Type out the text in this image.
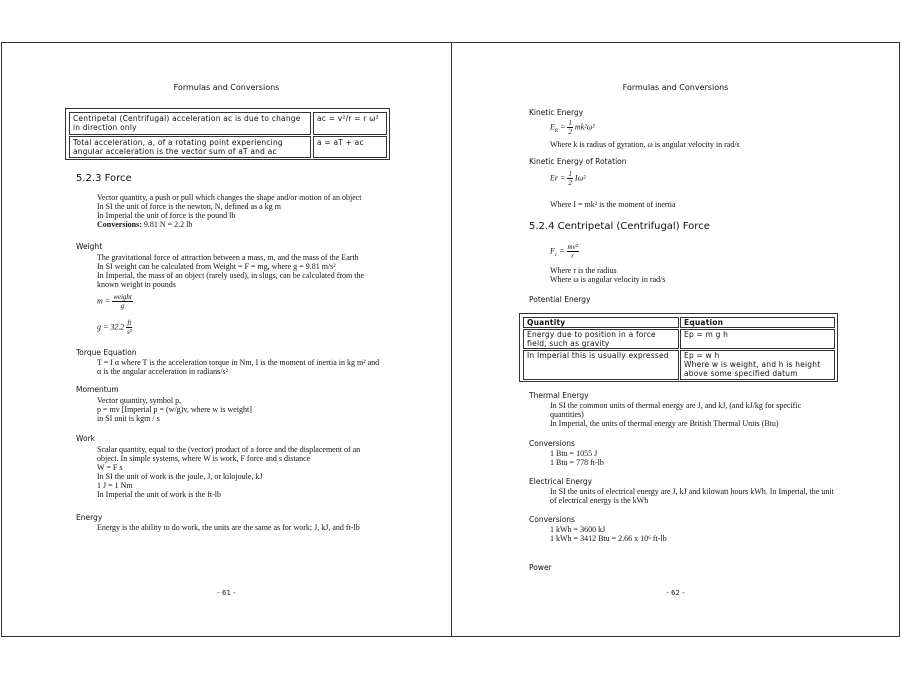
Formulas and Conversions
Centripetal (Centrifugal) acceleration ac is due to change
in direction only
ac = v²/r = r ω²
Total acceleration, a, of a rotating point experiencing
angular acceleration is the vector sum of aT and ac
a = aT + ac
5.2.3 Force
Vector quantity, a push or pull which changes the shape and/or motion of an object
In SI the unit of force is the newton, N, defined as a kg m
In Imperial the unit of force is the pound lb
Conversions: 9.81 N = 2.2 lb
Weight
The gravitational force of attraction between a mass, m, and the mass of the Earth
In SI weight can be calculated from Weight = F = mg, where g = 9.81 m/s²
In Imperial, the mass of an object (rarely used), in slugs, can be calculated from the
known weight in pounds
$m = \frac{\text{weight}}{g}$
$g = 32.2 \frac{ft}{\text{s²}}$
Torque Equation
T = I α where T is the acceleration torque in Nm, I is the moment of inertia in kg m² and
α is the angular acceleration in radians/s²
Momentum
Vector quantity, symbol p,
p = mv [Imperial p = (w/g)v, where w is weight]
in SI unit is kgm / s
Work
Scalar quantity, equal to the (vector) product of a force and the displacement of an
object. In simple systems, where W is work, F force and s distance
W = F s
In SI the unit of work is the joule, J, or kilojoule, kJ
1 J = 1 Nm
In Imperial the unit of work is the ft-lb
Energy
Energy is the ability to do work, the units are the same as for work; J, kJ, and ft-lb
- 61 -
Formulas and Conversions
Kinetic Energy
$E_R = \frac{1}{2} mk^2\omega^2$
Where k is radius of gyration, ω is angular velocity in rad/s
Kinetic Energy of Rotation
$Er = \frac{1}{2} I\omega^2$
Where I = mk² is the moment of inertia
5.2.4 Centripetal (Centrifugal) Force
$F_c = \frac{\text{mv²}}{r}$
Where r is the radius
Where ω is angular velocity in rad/s
Potential Energy
Quantity	Equation
Energy due to position in a force
field, such as gravity
Ep = m g h
In Imperial this is usually expressed Ep = w h
Where w is weight, and h is height
above some specified datum
Thermal Energy
In SI the common units of thermal energy are J, and kJ, (and kJ/kg for specific
quantities)
In Imperial, the units of thermal energy are British Thermal Units (Btu)
Conversions
1 Btu = 1055 J
1 Btu = 778 ft-lb
Electrical Energy
In SI the units of electrical energy are J, kJ and kilowatt hours kWh. In Imperial, the unit
of electrical energy is the kWh
Conversions
1 kWh = 3600 kJ
1 kWh = 3412 Btu = 2.66 x 10⁶ ft-lb
Power
- 62 -
